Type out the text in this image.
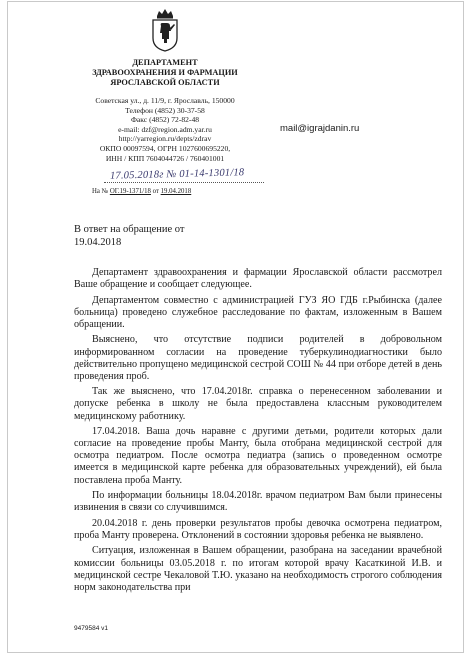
ДЕПАРТАМЕНТ
ЗДРАВООХРАНЕНИЯ И ФАРМАЦИИ
ЯРОСЛАВСКОЙ ОБЛАСТИ
Советская ул., д. 11/9, г. Ярославль, 150000
Телефон (4852) 30-37-58
Факс (4852) 72-82-48
e-mail: dzf@region.adm.yar.ru
http://yarregion.ru/depts/zdrav
ОКПО 00097594, ОГРН 1027600695220,
ИНН / КПП 7604044726 / 760401001
mail@igrajdanin.ru
17.05.2018г № 01-14-1301/18
На № ОГ.19-1371/18 от 19.04.2018
В ответ на обращение от
19.04.2018

Департамент здравоохранения и фармации Ярославской области рассмотрел Ваше обращение и сообщает следующее.

Департаментом совместно с администрацией ГУЗ ЯО ГДБ г.Рыбинска (далее больница) проведено служебное расследование по фактам, изложенным в Вашем обращении.

Выяснено, что отсутствие подписи родителей в добровольном информированном согласии на проведение туберкулинодиагностики было действительно пропущено медицинской сестрой СОШ № 44 при отборе детей в день проведения проб.

Так же выяснено, что 17.04.2018г. справка о перенесенном заболевании и допуске ребенка в школу не была предоставлена классным руководителем медицинскому работнику.

17.04.2018. Ваша дочь наравне с другими детьми, родители которых дали согласие на проведение пробы Манту, была отобрана медицинской сестрой для осмотра педиатром. После осмотра педиатра (запись о проведенном осмотре имеется в медицинской карте ребенка для образовательных учреждений), ей была поставлена проба Манту.

По информации больницы 18.04.2018г. врачом педиатром Вам были принесены извинения в связи со случившимся.

20.04.2018 г. день проверки результатов пробы девочка осмотрена педиатром, проба Манту проверена. Отклонений в состоянии здоровья ребенка не выявлено.

Ситуация, изложенная в Вашем обращении, разобрана на заседании врачебной комиссии больницы 03.05.2018 г. по итогам которой врачу Касаткиной И.В. и медицинской сестре Чекаловой Т.Ю. указано на необходимость строгого соблюдения норм законодательства при

9479584 v1
